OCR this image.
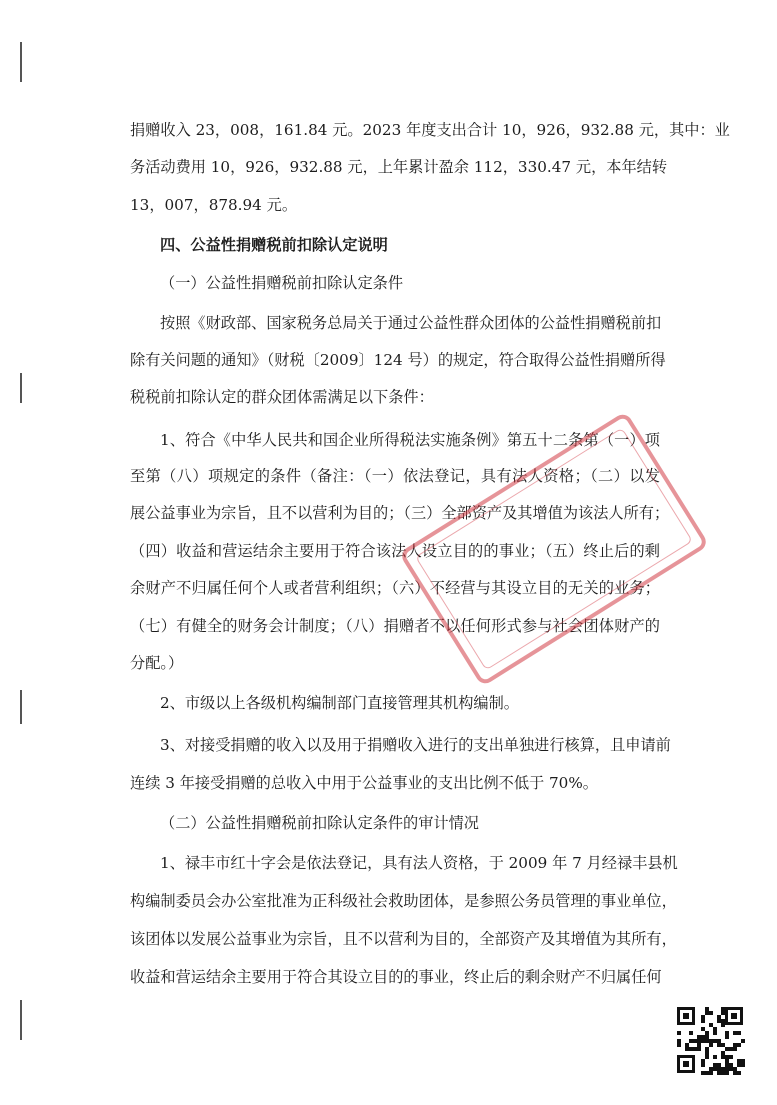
捐赠收入 23，008，161.84 元。2023 年度支出合计 10，926，932.88 元，其中：业
务活动费用 10，926，932.88 元，上年累计盈余 112，330.47 元，本年结转
13，007，878.94 元。
四、公益性捐赠税前扣除认定说明
（一）公益性捐赠税前扣除认定条件
按照《财政部、国家税务总局关于通过公益性群众团体的公益性捐赠税前扣
除有关问题的通知》（财税〔2009〕124 号）的规定，符合取得公益性捐赠所得
税税前扣除认定的群众团体需满足以下条件：
1、符合《中华人民共和国企业所得税法实施条例》第五十二条第（一）项
至第（八）项规定的条件（备注：（一）依法登记，具有法人资格；（二）以发
展公益事业为宗旨，且不以营利为目的；（三）全部资产及其增值为该法人所有；
（四）收益和营运结余主要用于符合该法人设立目的的事业；（五）终止后的剩
余财产不归属任何个人或者营利组织；（六）不经营与其设立目的无关的业务；
（七）有健全的财务会计制度；（八）捐赠者不以任何形式参与社会团体财产的
分配。）
2、市级以上各级机构编制部门直接管理其机构编制。
3、对接受捐赠的收入以及用于捐赠收入进行的支出单独进行核算，且申请前
连续 3 年接受捐赠的总收入中用于公益事业的支出比例不低于 70%。
（二）公益性捐赠税前扣除认定条件的审计情况
1、禄丰市红十字会是依法登记，具有法人资格，于 2009 年 7 月经禄丰县机
构编制委员会办公室批准为正科级社会救助团体，是参照公务员管理的事业单位，
该团体以发展公益事业为宗旨，且不以营利为目的，全部资产及其增值为其所有，
收益和营运结余主要用于符合其设立目的的事业，终止后的剩余财产不归属任何
